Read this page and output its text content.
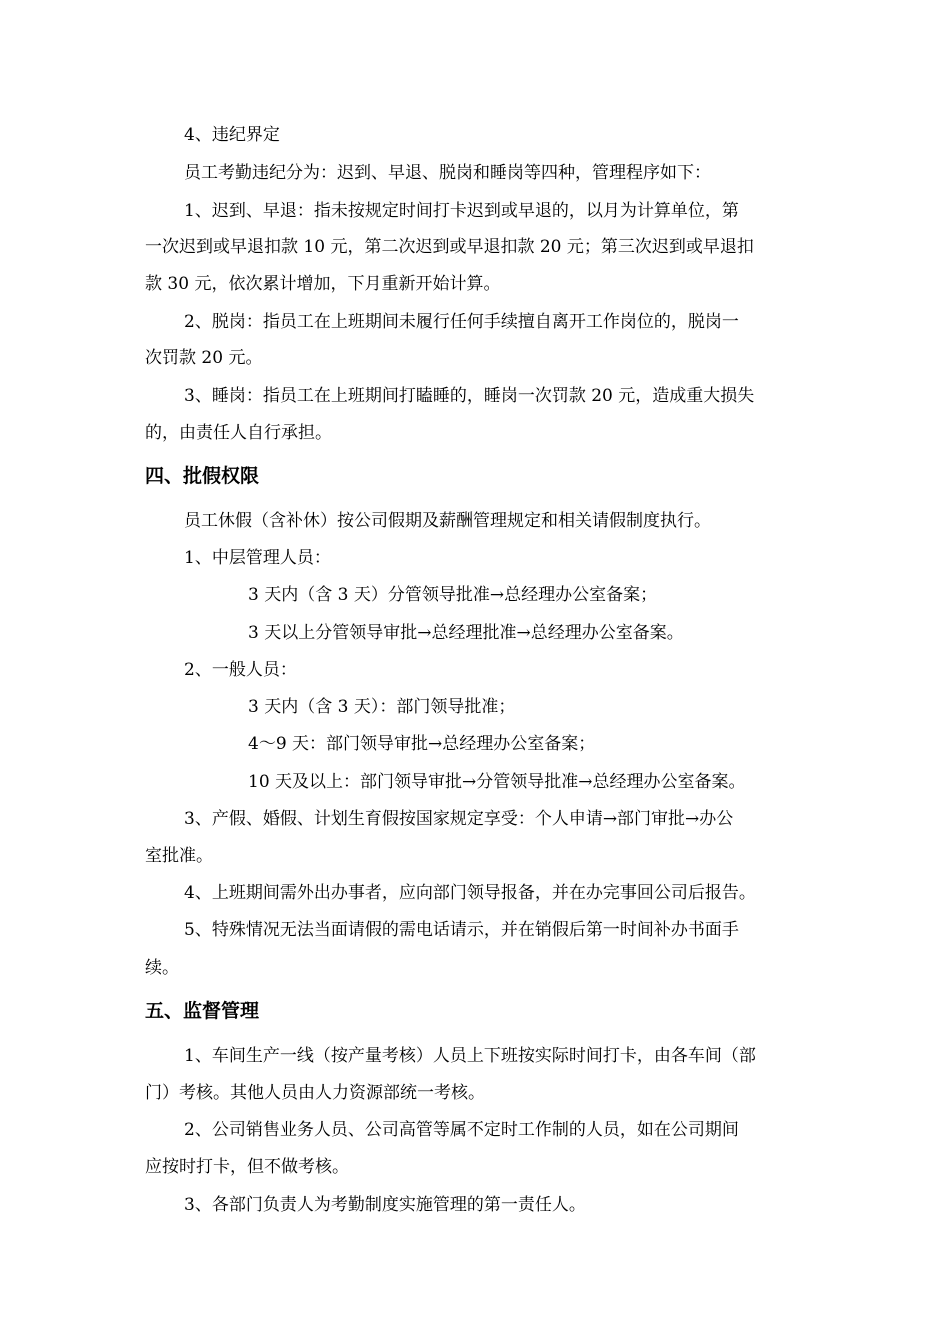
4、违纪界定

员工考勤违纪分为：迟到、早退、脱岗和睡岗等四种，管理程序如下：

1、迟到、早退：指未按规定时间打卡迟到或早退的，以月为计算单位，第

一次迟到或早退扣款 10 元，第二次迟到或早退扣款 20 元；第三次迟到或早退扣

款 30 元，依次累计增加，下月重新开始计算。

2、脱岗：指员工在上班期间未履行任何手续擅自离开工作岗位的，脱岗一

次罚款 20 元。

3、睡岗：指员工在上班期间打瞌睡的，睡岗一次罚款 20 元，造成重大损失

的，由责任人自行承担。

四、批假权限

员工休假（含补休）按公司假期及薪酬管理规定和相关请假制度执行。

1、中层管理人员：

3 天内（含 3 天）分管领导批准→总经理办公室备案；

3 天以上分管领导审批→总经理批准→总经理办公室备案。

2、一般人员：

3 天内（含 3 天）：部门领导批准；

4～9 天：部门领导审批→总经理办公室备案；

10 天及以上：部门领导审批→分管领导批准→总经理办公室备案。

3、产假、婚假、计划生育假按国家规定享受：个人申请→部门审批→办公

室批准。

4、上班期间需外出办事者，应向部门领导报备，并在办完事回公司后报告。

5、特殊情况无法当面请假的需电话请示，并在销假后第一时间补办书面手

续。

五、监督管理

1、车间生产一线（按产量考核）人员上下班按实际时间打卡，由各车间（部

门）考核。其他人员由人力资源部统一考核。

2、公司销售业务人员、公司高管等属不定时工作制的人员，如在公司期间

应按时打卡，但不做考核。

3、各部门负责人为考勤制度实施管理的第一责任人。
